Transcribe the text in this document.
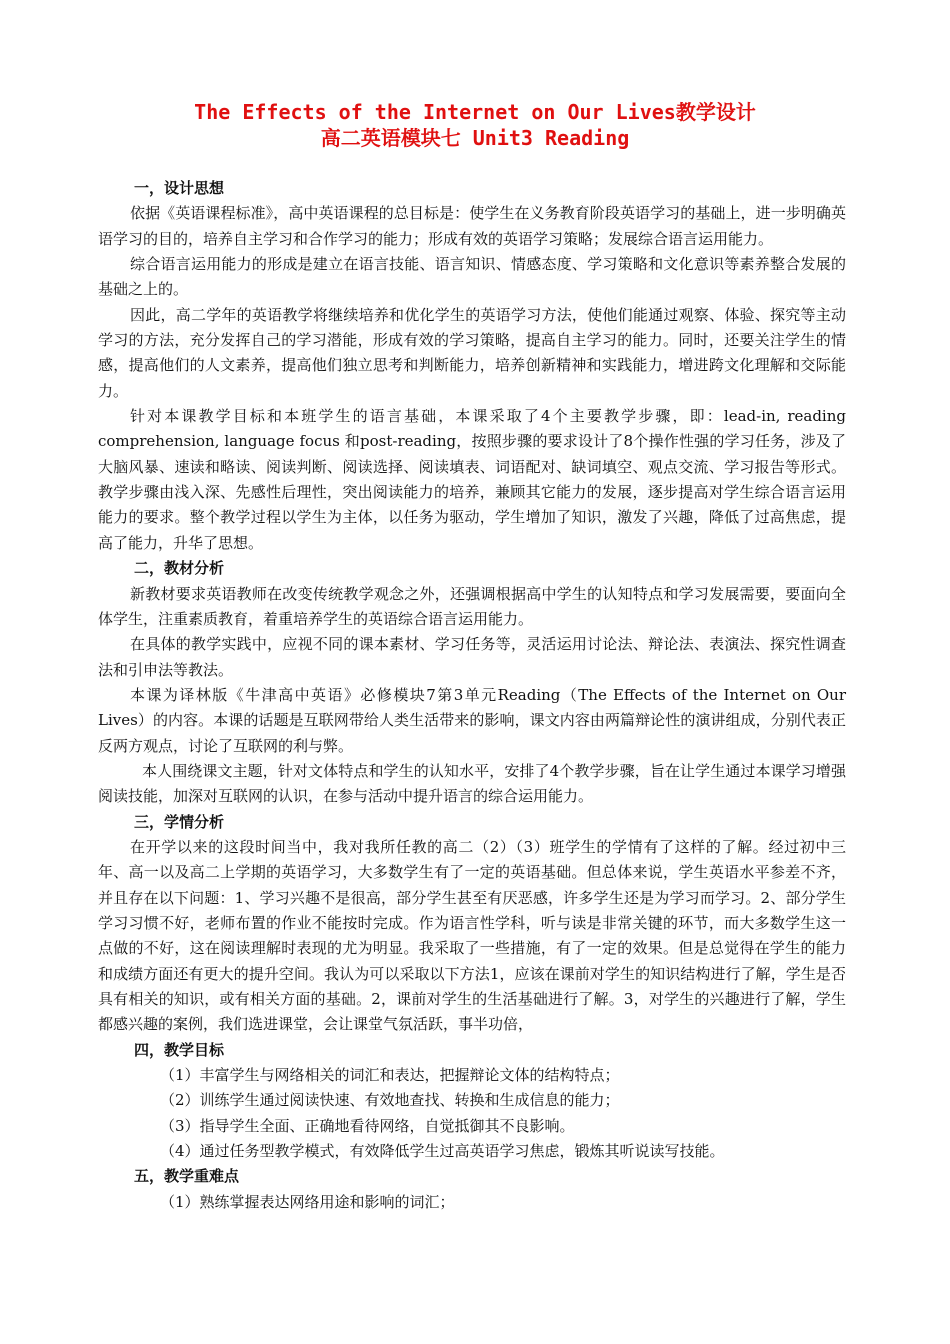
The Effects of the Internet on Our Lives教学设计
高二英语模块七 Unit3 Reading

一，设计思想

依据《英语课程标准》，高中英语课程的总目标是：使学生在义务教育阶段英语学习的基础上，进一步明确英语学习的目的，培养自主学习和合作学习的能力；形成有效的英语学习策略；发展综合语言运用能力。

综合语言运用能力的形成是建立在语言技能、语言知识、情感态度、学习策略和文化意识等素养整合发展的基础之上的。

因此，高二学年的英语教学将继续培养和优化学生的英语学习方法，使他们能通过观察、体验、探究等主动学习的方法，充分发挥自己的学习潜能，形成有效的学习策略，提高自主学习的能力。同时，还要关注学生的情感，提高他们的人文素养，提高他们独立思考和判断能力，培养创新精神和实践能力，增进跨文化理解和交际能力。

针对本课教学目标和本班学生的语言基础，本课采取了4个主要教学步骤，即：lead-in, reading comprehension, language focus 和post-reading，按照步骤的要求设计了8个操作性强的学习任务，涉及了大脑风暴、速读和略读、阅读判断、阅读选择、阅读填表、词语配对、缺词填空、观点交流、学习报告等形式。教学步骤由浅入深、先感性后理性，突出阅读能力的培养，兼顾其它能力的发展，逐步提高对学生综合语言运用能力的要求。整个教学过程以学生为主体，以任务为驱动，学生增加了知识，激发了兴趣，降低了过高焦虑，提高了能力，升华了思想。

二，教材分析

新教材要求英语教师在改变传统教学观念之外，还强调根据高中学生的认知特点和学习发展需要，要面向全体学生，注重素质教育，着重培养学生的英语综合语言运用能力。

在具体的教学实践中，应视不同的课本素材、学习任务等，灵活运用讨论法、辩论法、表演法、探究性调查法和引申法等教法。

本课为译林版《牛津高中英语》必修模块7第3单元Reading（The Effects of the Internet on Our Lives）的内容。本课的话题是互联网带给人类生活带来的影响，课文内容由两篇辩论性的演讲组成，分别代表正反两方观点，讨论了互联网的利与弊。

本人围绕课文主题，针对文体特点和学生的认知水平，安排了4个教学步骤，旨在让学生通过本课学习增强阅读技能，加深对互联网的认识，在参与活动中提升语言的综合运用能力。

三，学情分析

在开学以来的这段时间当中，我对我所任教的高二（2）（3）班学生的学情有了这样的了解。经过初中三年、高一以及高二上学期的英语学习，大多数学生有了一定的英语基础。但总体来说，学生英语水平参差不齐，并且存在以下问题：1、学习兴趣不是很高，部分学生甚至有厌恶感，许多学生还是为学习而学习。2、部分学生学习习惯不好，老师布置的作业不能按时完成。作为语言性学科，听与读是非常关键的环节，而大多数学生这一点做的不好，这在阅读理解时表现的尤为明显。我采取了一些措施，有了一定的效果。但是总觉得在学生的能力和成绩方面还有更大的提升空间。我认为可以采取以下方法1，应该在课前对学生的知识结构进行了解，学生是否具有相关的知识，或有相关方面的基础。2，课前对学生的生活基础进行了解。3，对学生的兴趣进行了解，学生都感兴趣的案例，我们选进课堂，会让课堂气氛活跃，事半功倍，

四，教学目标

（1）丰富学生与网络相关的词汇和表达，把握辩论文体的结构特点；

（2）训练学生通过阅读快速、有效地查找、转换和生成信息的能力；

（3）指导学生全面、正确地看待网络，自觉抵御其不良影响。

（4）通过任务型教学模式，有效降低学生过高英语学习焦虑，锻炼其听说读写技能。

五，教学重难点

（1）熟练掌握表达网络用途和影响的词汇；
